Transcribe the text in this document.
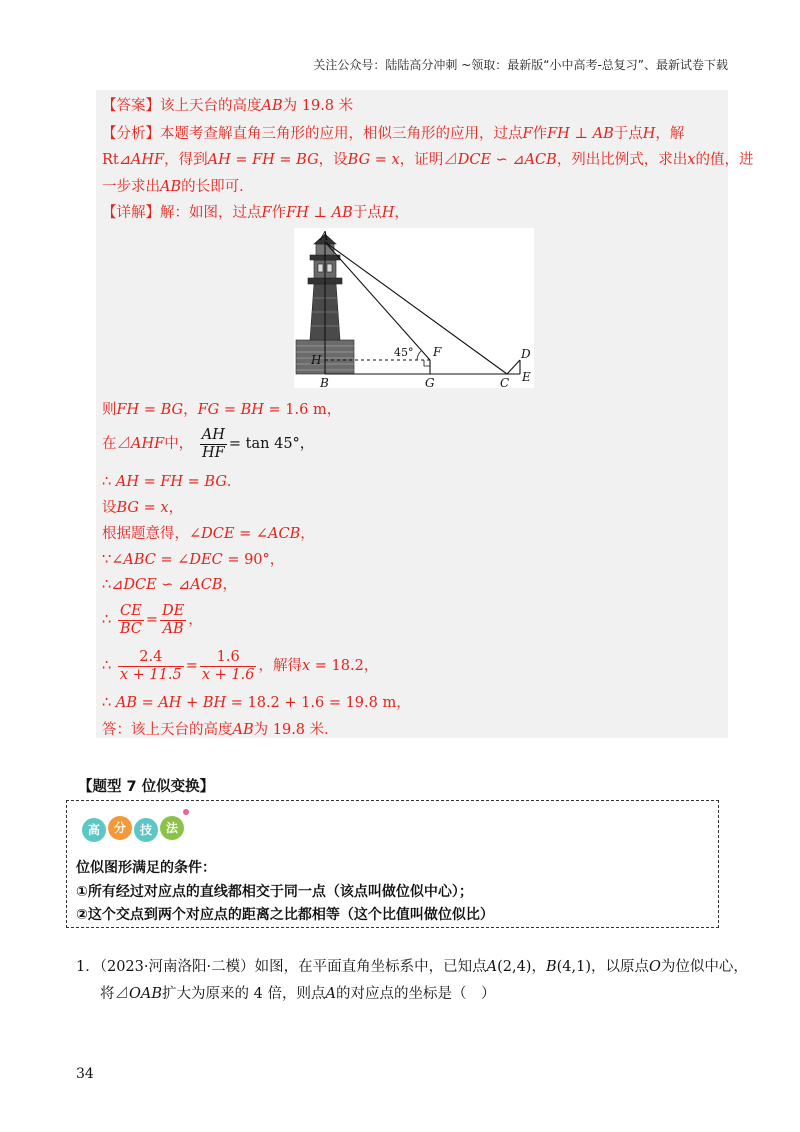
关注公众号：陆陆高分冲刺 ~领取：最新版“小中高考-总复习”、最新试卷下载
【答案】该上天台的高度AB为 19.8 米
【分析】本题考查解直角三角形的应用，相似三角形的应用，过点F作FH ⊥ AB于点H，解
Rt⊿AHF，得到AH = FH = BG，设BG = x，证明⊿DCE ∽ ⊿ACB，列出比例式，求出x的值，进
一步求出AB的长即可．
【详解】解：如图，过点F作FH ⊥ AB于点H，
A
H
B	G
F
C
D
E
45°
则FH = BG，FG = BH = 1.6 m，
在⊿AHF中， $\frac{AH}{HF} = \tan 45^\circ$，
∴ AH = FH = BG．
设BG = x，
根据题意得，∠DCE = ∠ACB，
∵∠ABC = ∠DEC = 90°，
∴⊿DCE ∽ ⊿ACB，
∴ $\frac{CE}{BC} = \frac{DE}{AB}$ ，
∴ $\frac{2.4}{x + 11.5} = \frac{1.6}{x + 1.6}$ ，解得x = 18.2，
∴ AB = AH + BH = 18.2 + 1.6 = 19.8 m，
答：该上天台的高度AB为 19.8 米．
【题型 7 位似变换】
高 分 技 法
位似图形满足的条件：
①所有经过对应点的直线都相交于同一点（该点叫做位似中心）；
②这个交点到两个对应点的距离之比都相等（这个比值叫做位似比）
1．（2023·河南洛阳·二模）如图，在平面直角坐标系中，已知点A(2,4)，B(4,1)，以原点O为位似中心，
将⊿OAB扩大为原来的 4 倍，则点A的对应点的坐标是（　）
34
